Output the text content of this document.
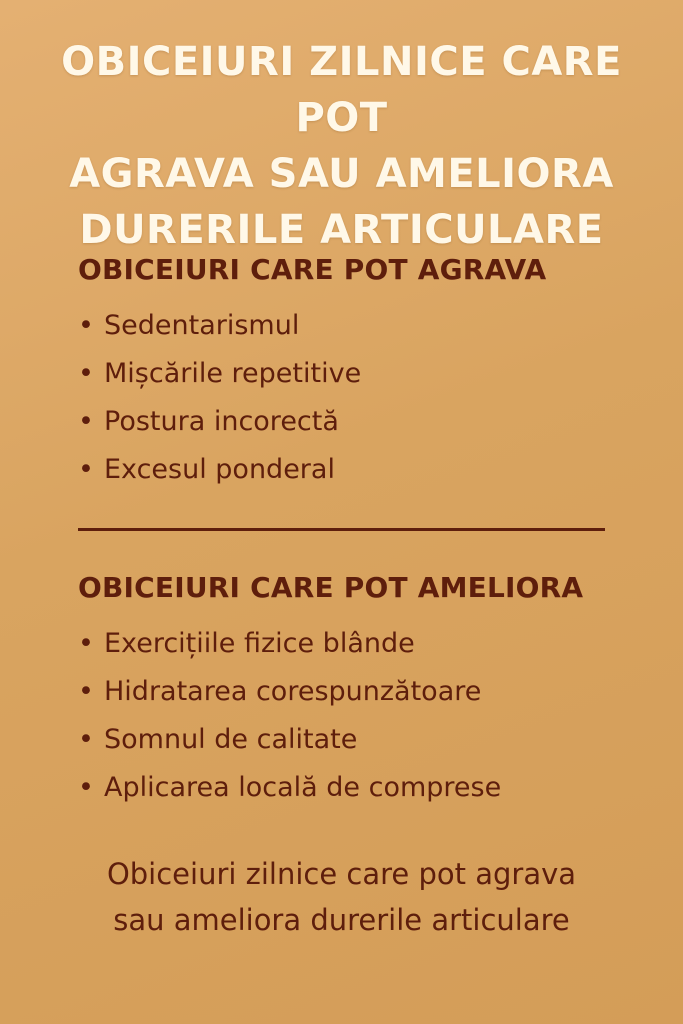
OBICEIURI ZILNICE CARE POT
AGRAVA SAU AMELIORA
DURERILE ARTICULARE
OBICEIURI CARE POT AGRAVA
• Sedentarismul
• Mișcările repetitive
• Postura incorectă
• Excesul ponderal
OBICEIURI CARE POT AMELIORA
• Exercițiile fizice blânde
• Hidratarea corespunzătoare
• Somnul de calitate
• Aplicarea locală de comprese

Obiceiuri zilnice care pot agrava
sau ameliora durerile articulare
